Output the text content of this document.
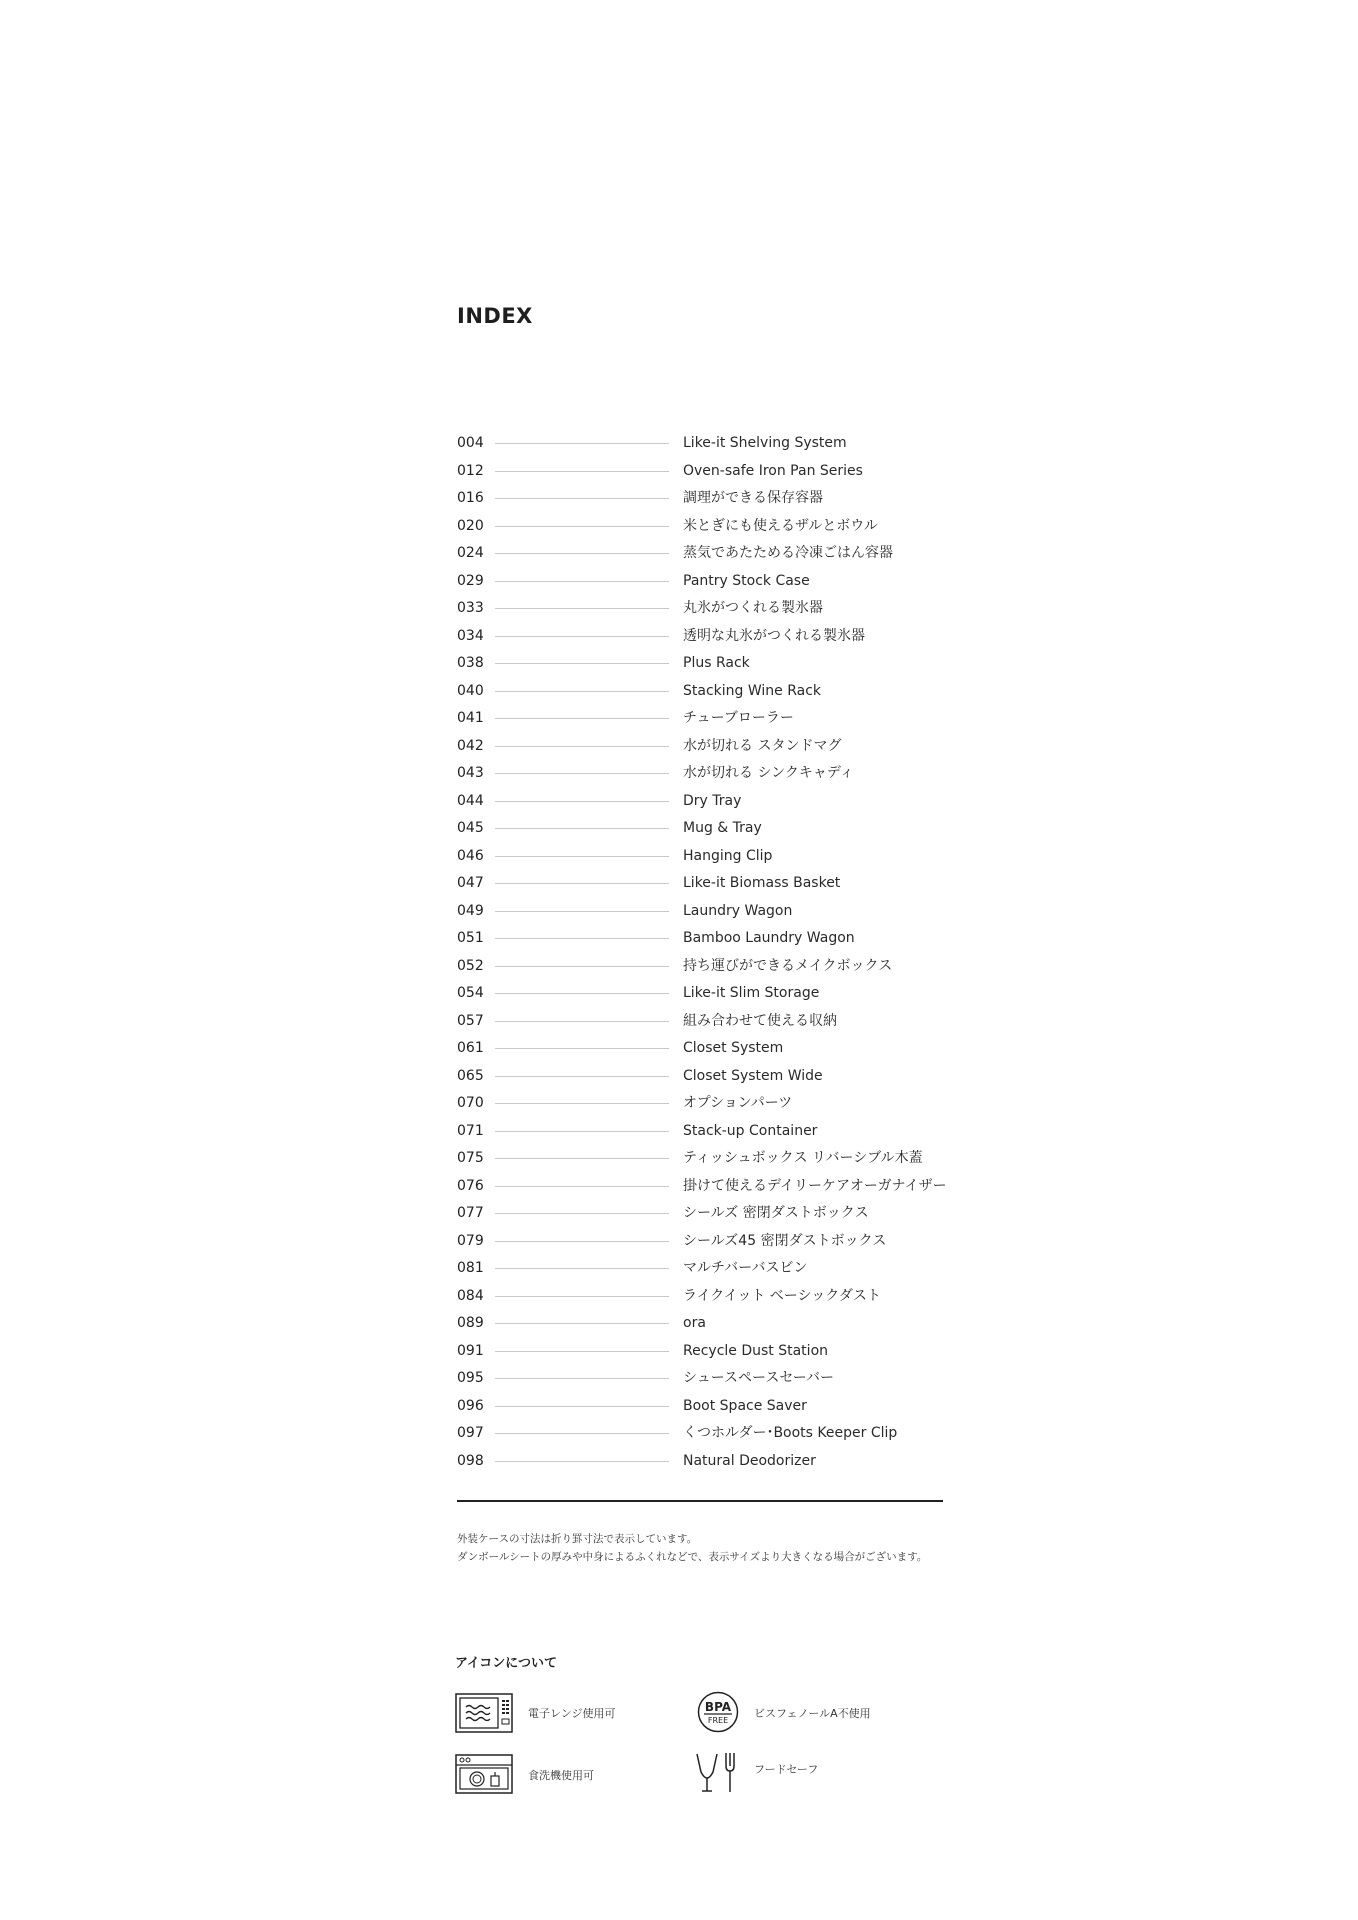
INDEX
004	Like-it Shelving System
012	Oven-safe Iron Pan Series
016	調理ができる保存容器
020	米とぎにも使えるザルとボウル
024	蒸気であたためる冷凍ごはん容器
029	Pantry Stock Case
033	丸氷がつくれる製氷器
034	透明な丸氷がつくれる製氷器
038	Plus Rack
040	Stacking Wine Rack
041	チューブローラー
042	水が切れる スタンドマグ
043	水が切れる シンクキャディ
044	Dry Tray
045	Mug & Tray
046	Hanging Clip
047	Like-it Biomass Basket
049	Laundry Wagon
051	Bamboo Laundry Wagon
052	持ち運びができるメイクボックス
054	Like-it Slim Storage
057	組み合わせて使える収納
061	Closet System
065	Closet System Wide
070	オプションパーツ
071	Stack-up Container
075	ティッシュボックス リバーシブル木蓋
076	掛けて使えるデイリーケアオーガナイザー
077	シールズ 密閉ダストボックス
079	シールズ45 密閉ダストボックス
081	マルチバーバスビン
084	ライクイット ベーシックダスト
089	ora
091	Recycle Dust Station
095	シュースペースセーバー
096	Boot Space Saver
097	くつホルダー･Boots Keeper Clip
098	Natural Deodorizer
外装ケースの寸法は折り罫寸法で表示しています。
ダンボールシートの厚みや中身によるふくれなどで、表示サイズより大きくなる場合がございます。
アイコンについて
電子レンジ使用可	BPA
FREE
ビスフェノールA不使用
食洗機使用可	フードセーフ
